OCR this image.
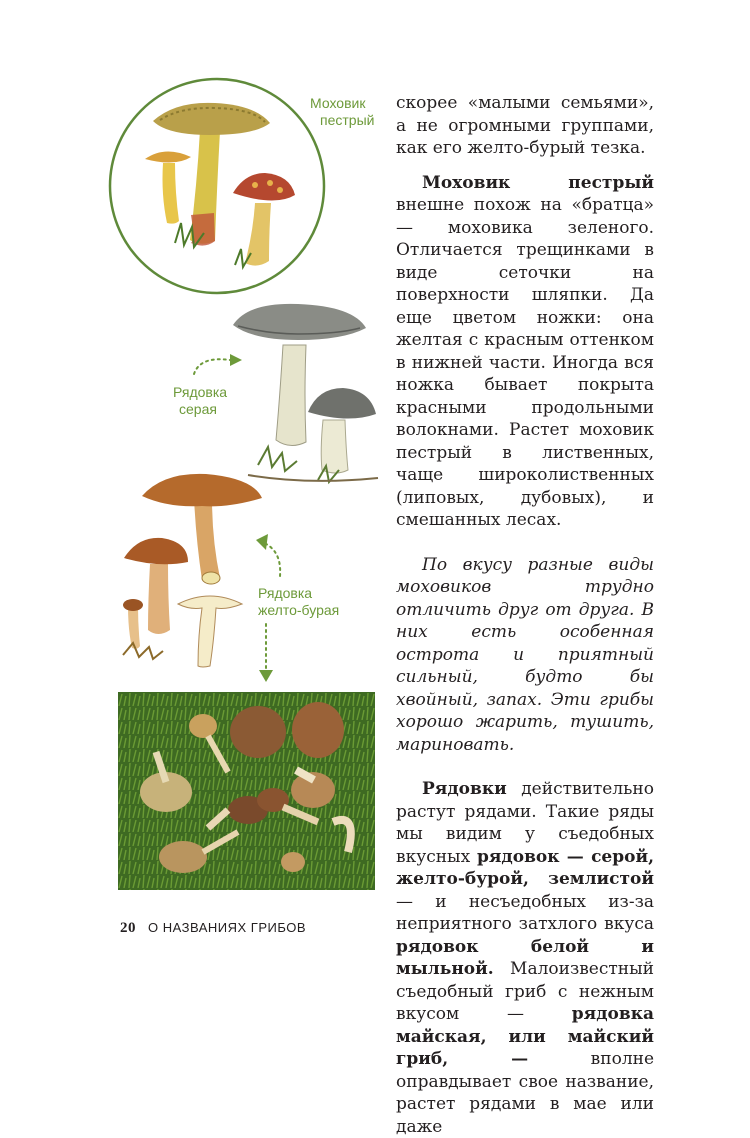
Моховик
пестрый
Рядовка
серая
Рядовка
желто-бурая

скорее «малыми семьями», а не огромными группами, как его желто-бурый тезка.

Моховик пестрый внешне похож на «братца» — моховика зеленого. Отличается трещинками в виде сеточки на поверхности шляпки. Да еще цветом ножки: она желтая с красным оттенком в нижней части. Иногда вся ножка бывает покрыта красными продольными волокнами. Растет моховик пестрый в лиственных, чаще широколиственных (липовых, дубовых), и смешанных лесах.

По вкусу разные виды моховиков трудно отличить друг от друга. В них есть особенная острота и приятный сильный, будто бы хвойный, запах. Эти грибы хорошо жарить, тушить, мариновать.

Рядовки действительно растут рядами. Такие ряды мы видим у съедобных вкусных рядовок — серой, желто-бурой, землистой — и несъедобных из-за неприятного затхлого вкуса рядовок белой и мыльной. Малоизвестный съедобный гриб с нежным вкусом — рядовка майская, или майский гриб, — вполне оправдывает свое название, растет рядами в мае или даже

20 О НАЗВАНИЯХ ГРИБОВ
